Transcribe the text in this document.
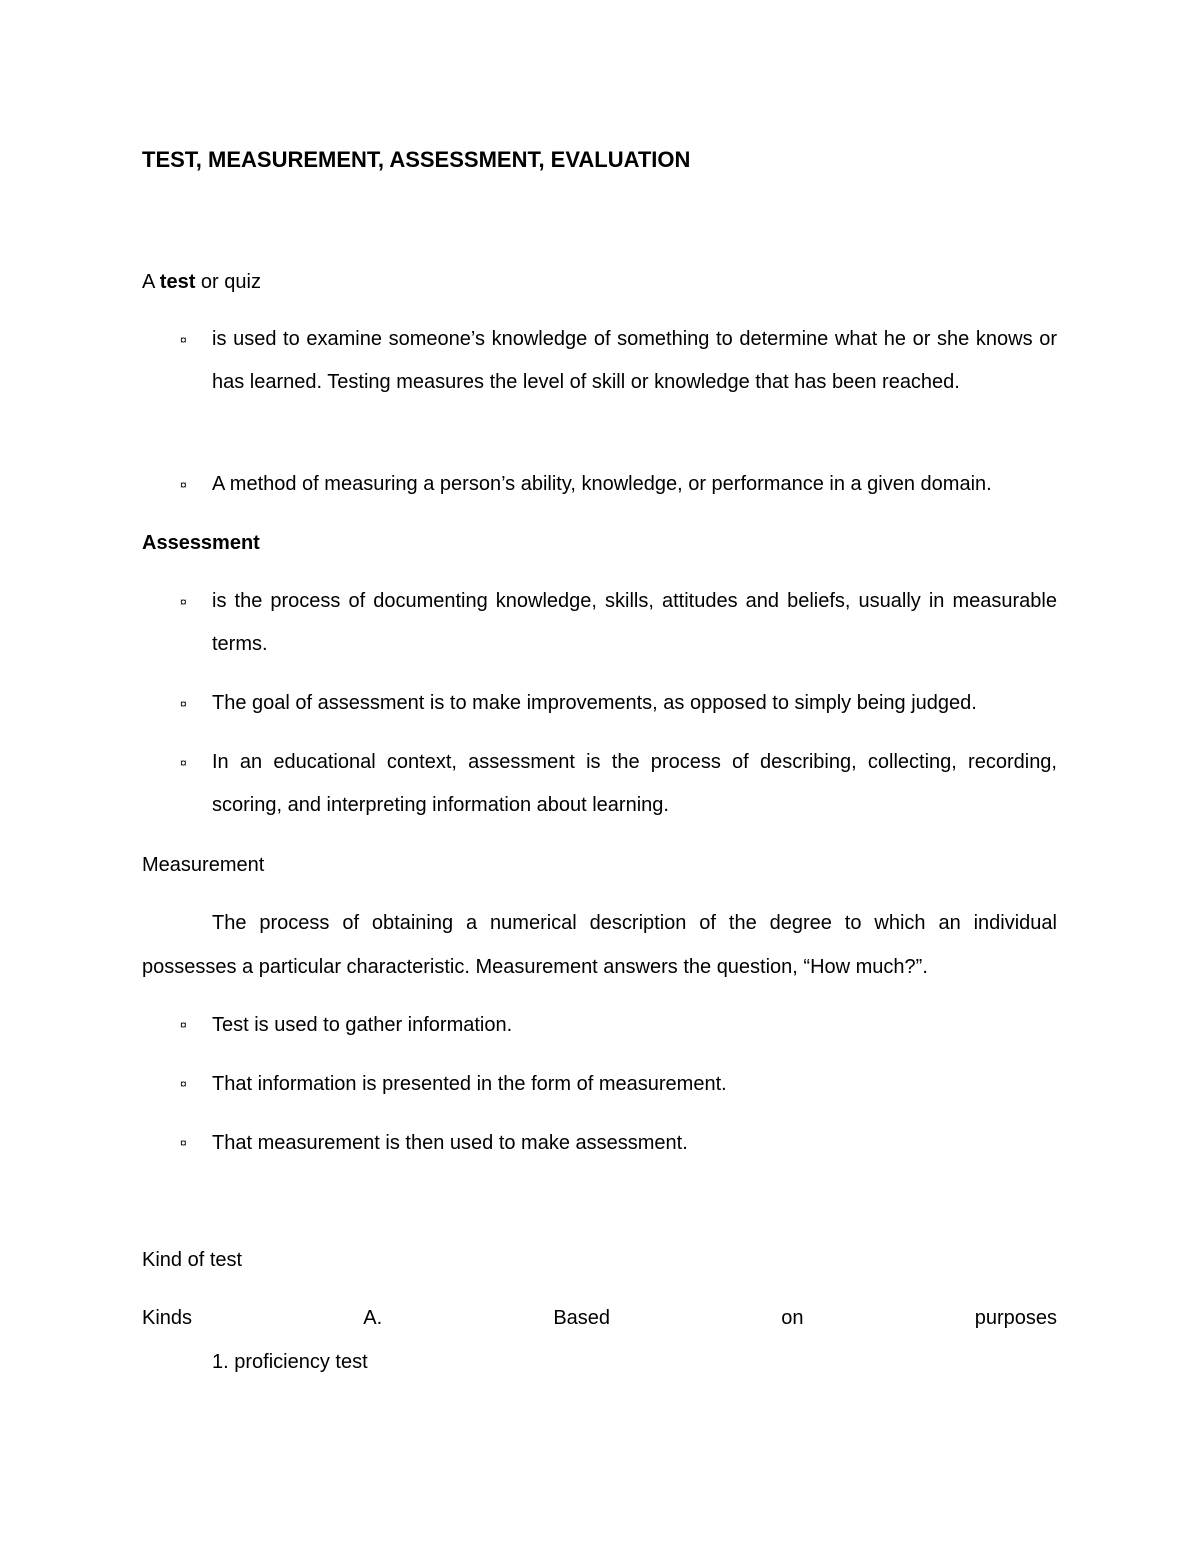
TEST, MEASUREMENT, ASSESSMENT, EVALUATION
A test or quiz
¤ is used to examine someone’s knowledge of something to determine what he or she knows or has learned. Testing measures the level of skill or knowledge that has been reached.
¤ A method of measuring a person’s ability, knowledge, or performance in a given domain.
Assessment
¤ is the process of documenting knowledge, skills, attitudes and beliefs, usually in measurable terms.
¤ The goal of assessment is to make improvements, as opposed to simply being judged.
¤ In an educational context, assessment is the process of describing, collecting, recording, scoring, and interpreting information about learning.
Measurement
The process of obtaining a numerical description of the degree to which an individual
possesses a particular characteristic. Measurement answers the question, “How much?”.
¤ Test is used to gather information.
¤ That information is presented in the form of measurement.
¤ That measurement is then used to make assessment.
Kind of test
Kinds	A.	Based	on	purposes
1. proficiency test
